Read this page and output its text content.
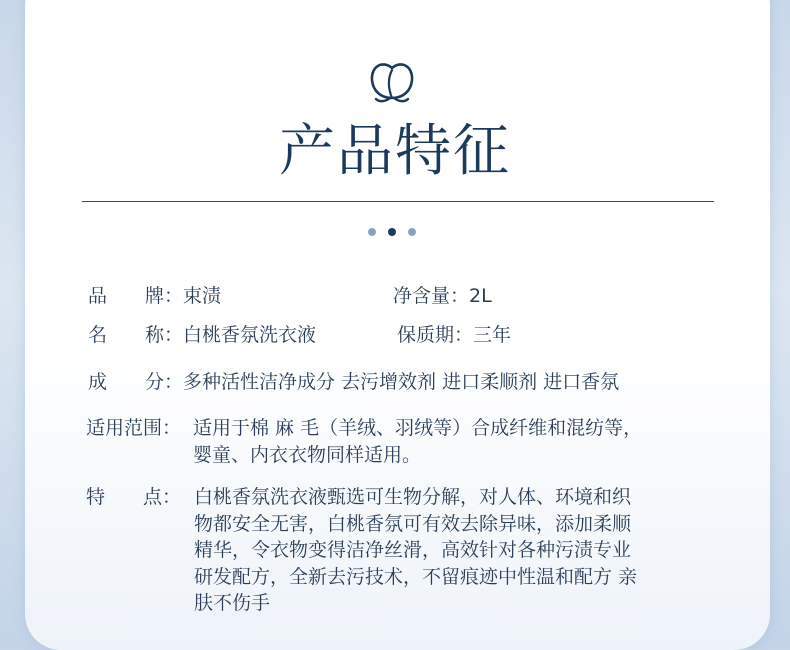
产品特征
品　　牌：束渍	净含量：2L
名　　称：白桃香氛洗衣液	保质期：三年
成　　分：多种活性洁净成分 去污增效剂 进口柔顺剂 进口香氛
适用范围： 适用于棉 麻 毛（羊绒、羽绒等）合成纤维和混纺等，
婴童、内衣衣物同样适用。
特　　点： 白桃香氛洗衣液甄选可生物分解，对人体、环境和织
物都安全无害，白桃香氛可有效去除异味，添加柔顺
精华，令衣物变得洁净丝滑，高效针对各种污渍专业
研发配方，全新去污技术，不留痕迹中性温和配方 亲
肤不伤手
